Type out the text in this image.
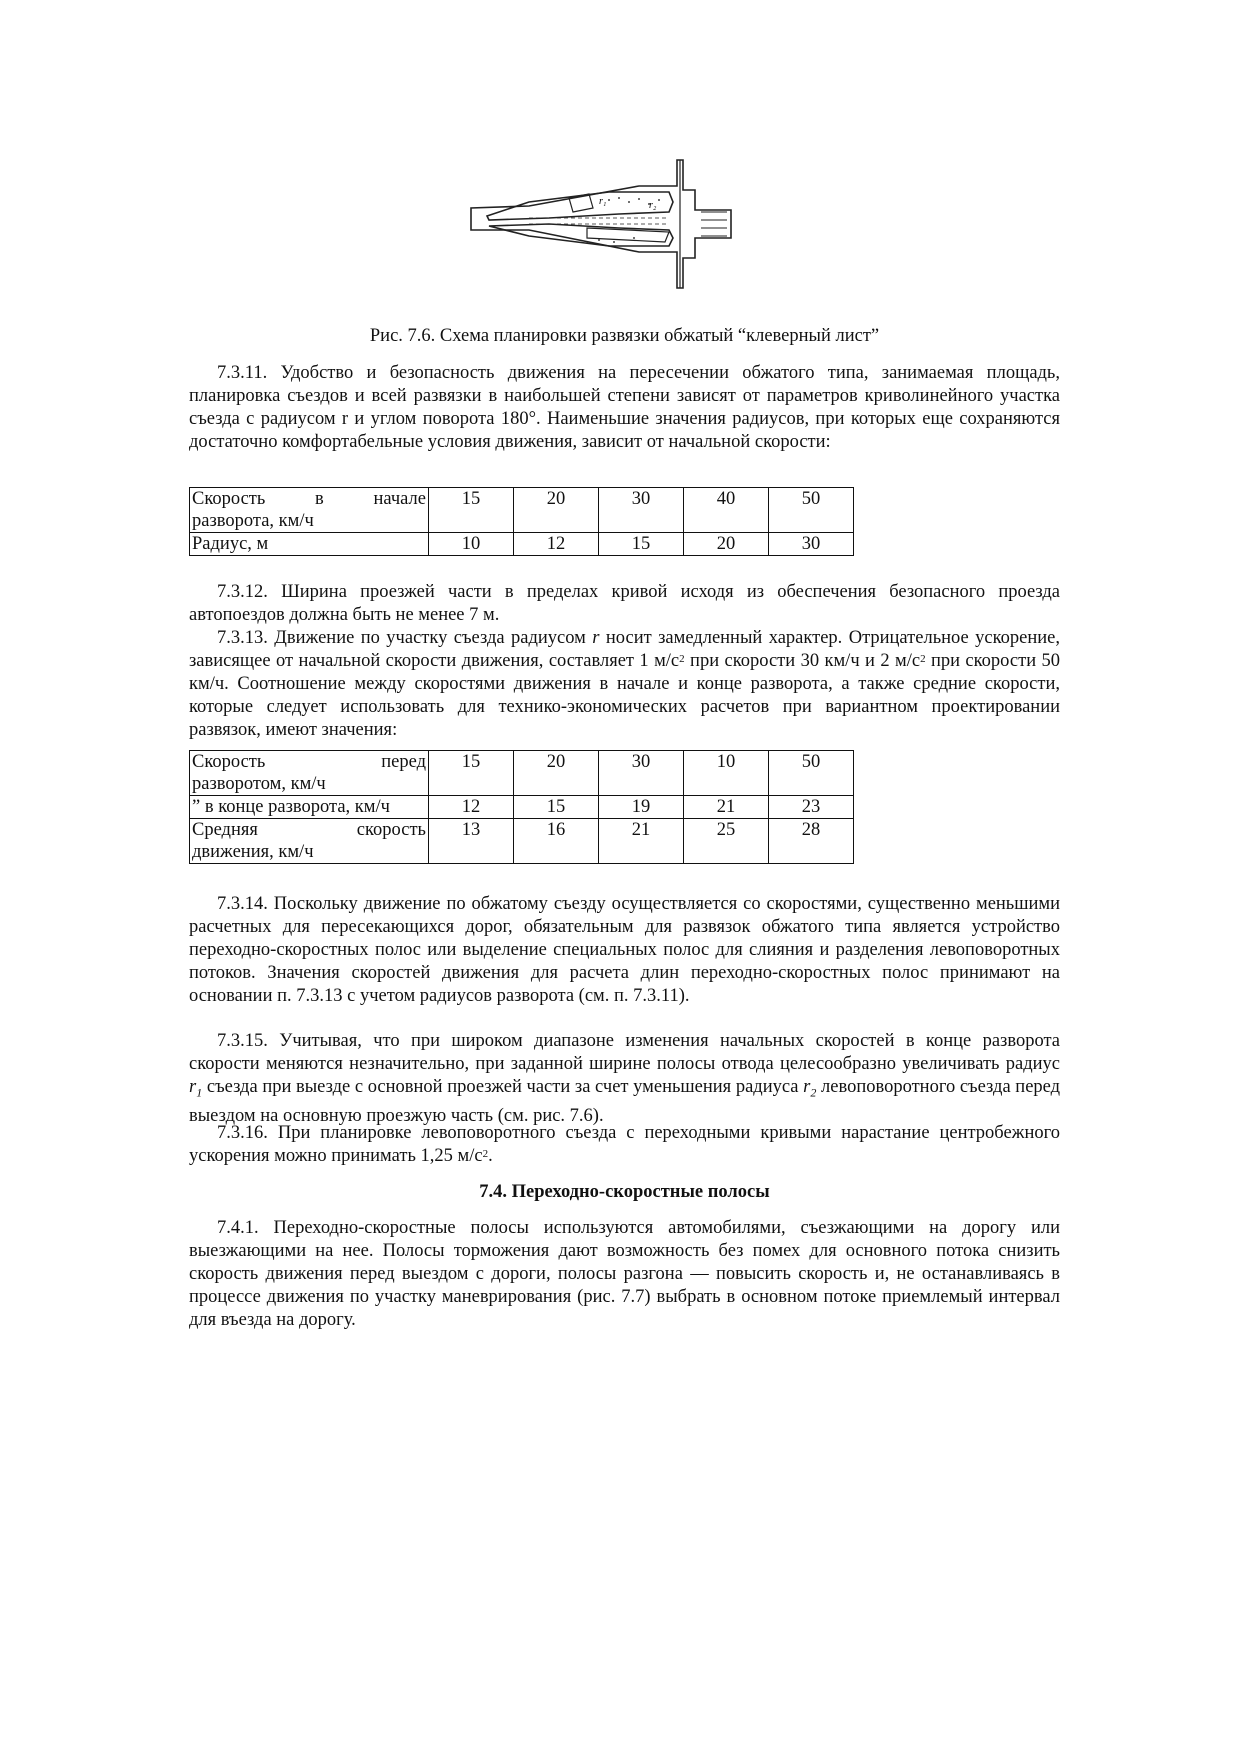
r₁	r₂
Рис. 7.6. Схема планировки развязки обжатый “клеверный лист”

7.3.11. Удобство и безопасность движения на пересечении обжатого типа, занимаемая площадь, планировка съездов и всей развязки в наибольшей степени зависят от параметров криволинейного участка съезда с радиусом r и углом поворота 180°. Наименьшие значения радиусов, при которых еще сохраняются достаточно комфортабельные условия движения, зависит от начальной скорости:

Скорость в начале
разворота, км/ч	15	20	30	40	50
Радиус, м	10	12	15	20	30

7.3.12. Ширина проезжей части в пределах кривой исходя из обеспечения безопасного проезда автопоездов должна быть не менее 7 м.

7.3.13. Движение по участку съезда радиусом r носит замедленный характер. Отрицательное ускорение, зависящее от начальной скорости движения, составляет 1 $м/с^2$ при скорости 30 км/ч и 2 $м/с^2$ при скорости 50 км/ч. Соотношение между скоростями движения в начале и конце разворота, а также средние скорости, которые следует использовать для технико-экономических расчетов при вариантном проектировании развязок, имеют значения:

Скорость перед
разворотом, км/ч	15	20	30	10	50
” в конце разворота, км/ч	12	15	19	21	23

Средняя скорость
движения, км/ч	13	16	21	25	28

7.3.14. Поскольку движение по обжатому съезду осуществляется со скоростями, существенно меньшими расчетных для пересекающихся дорог, обязательным для развязок обжатого типа является устройство переходно-скоростных полос или выделение специальных полос для слияния и разделения левоповоротных потоков. Значения скоростей движения для расчета длин переходно-скоростных полос принимают на основании п. 7.3.13 с учетом радиусов разворота (см. п. 7.3.11).

7.3.15. Учитывая, что при широком диапазоне изменения начальных скоростей в конце разворота скорости меняются незначительно, при заданной ширине полосы отвода целесообразно увеличивать радиус $r_1$ съезда при выезде с основной проезжей части за счет уменьшения радиуса $r_2$ левоповоротного съезда перед выездом на основную проезжую часть (см. рис. 7.6).

7.3.16. При планировке левоповоротного съезда с переходными кривыми нарастание центробежного ускорения можно принимать 1,25 $м/с^2$.

7.4. Переходно-скоростные полосы

7.4.1. Переходно-скоростные полосы используются автомобилями, съезжающими на дорогу или выезжающими на нее. Полосы торможения дают возможность без помех для основного потока снизить скорость движения перед выездом с дороги, полосы разгона — повысить скорость и, не останавливаясь в процессе движения по участку маневрирования (рис. 7.7) выбрать в основном потоке приемлемый интервал для въезда на дорогу.
